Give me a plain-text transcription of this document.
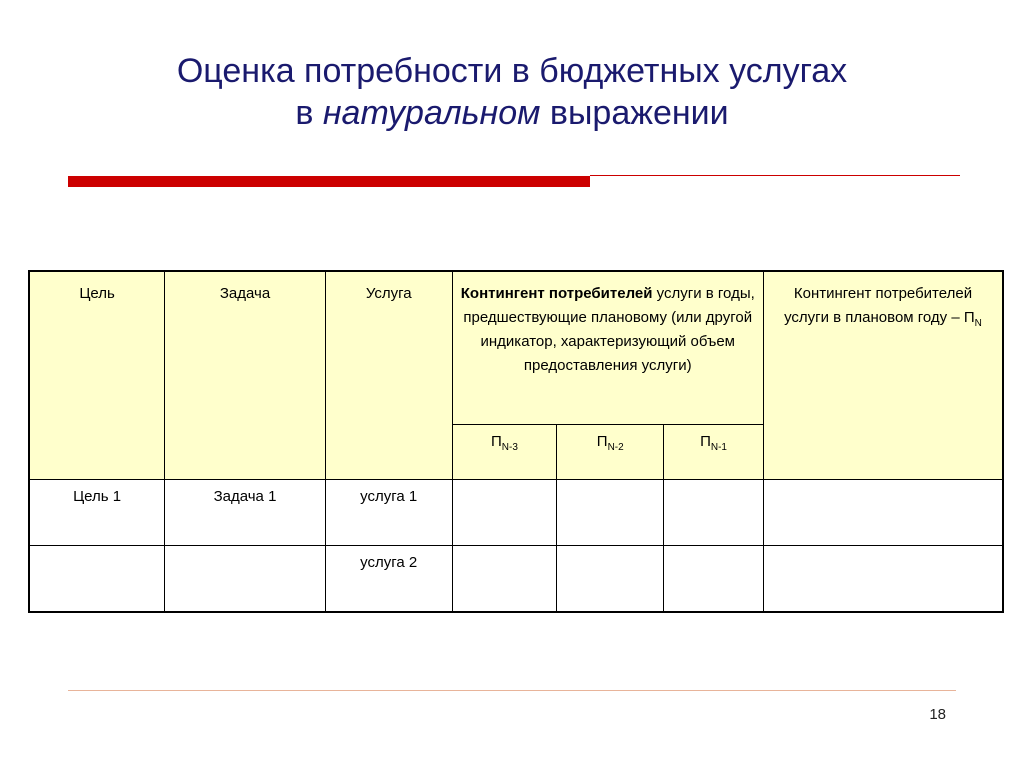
Оценка потребности в бюджетных услугах
в натуральном выражении
Цель	Задача	Услуга	Контингент потребителей услуги в годы, предшествующие плановому (или другой индикатор, характеризующий объем предоставления услуги)			Контингент потребителей услуги в плановом году – $П_N$

			$П_{N-3}$	$П_{N-2}$	$П_{N-1}$
Цель 1	Задача 1	услуга 1				
		услуга 2				
18
